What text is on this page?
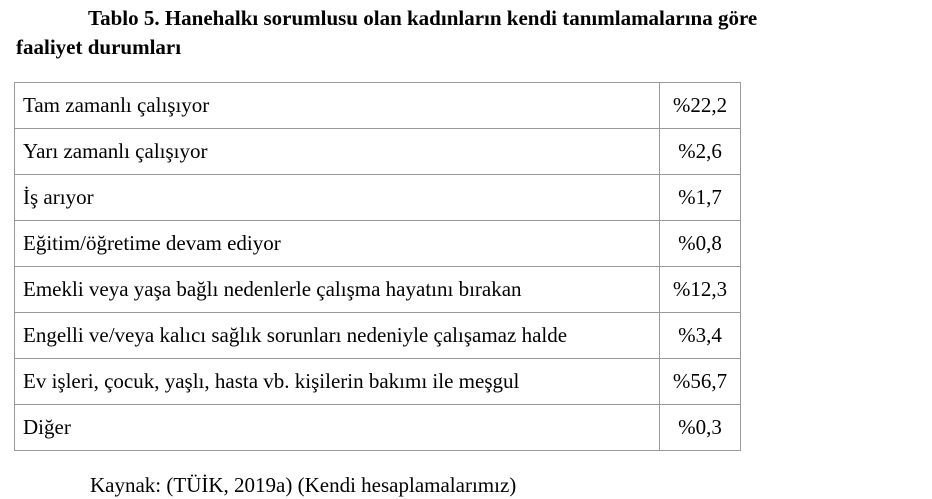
Tablo 5. Hanehalkı sorumlusu olan kadınların kendi tanımlamalarına göre
faaliyet durumları
Tam zamanlı çalışıyor	%22,2
Yarı zamanlı çalışıyor	%2,6
İş arıyor	%1,7
Eğitim/öğretime devam ediyor	%0,8
Emekli veya yaşa bağlı nedenlerle çalışma hayatını bırakan	%12,3
Engelli ve/veya kalıcı sağlık sorunları nedeniyle çalışamaz halde	%3,4
Ev işleri, çocuk, yaşlı, hasta vb. kişilerin bakımı ile meşgul	%56,7
Diğer	%0,3
Kaynak: (TÜİK, 2019a) (Kendi hesaplamalarımız)
